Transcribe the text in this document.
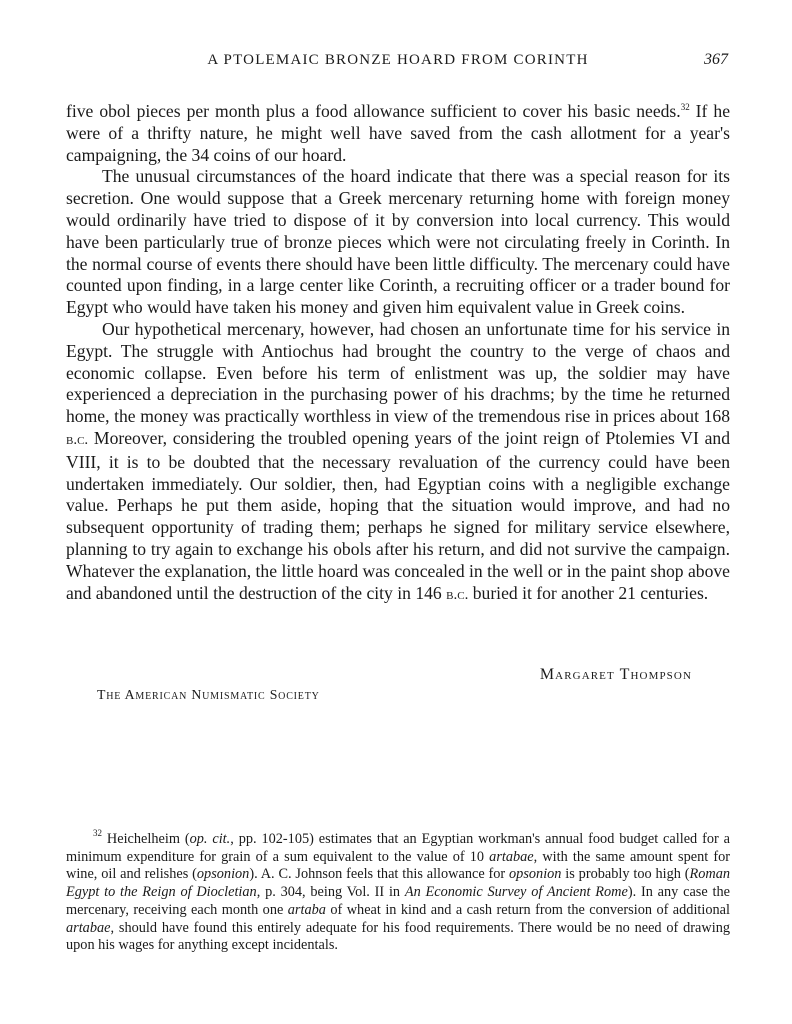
A PTOLEMAIC BRONZE HOARD FROM CORINTH	367

five obol pieces per month plus a food allowance sufficient to cover his basic needs.$^{32}$ If he were of a thrifty nature, he might well have saved from the cash allotment for a year's campaigning, the 34 coins of our hoard.

The unusual circumstances of the hoard indicate that there was a special reason for its secretion. One would suppose that a Greek mercenary returning home with foreign money would ordinarily have tried to dispose of it by conversion into local currency. This would have been particularly true of bronze pieces which were not circulating freely in Corinth. In the normal course of events there should have been little difficulty. The mercenary could have counted upon finding, in a large center like Corinth, a recruiting officer or a trader bound for Egypt who would have taken his money and given him equivalent value in Greek coins.

Our hypothetical mercenary, however, had chosen an unfortunate time for his service in Egypt. The struggle with Antiochus had brought the country to the verge of chaos and economic collapse. Even before his term of enlistment was up, the soldier may have experienced a depreciation in the purchasing power of his drachms; by the time he returned home, the money was practically worthless in view of the tremendous rise in prices about 168 b.c. Moreover, considering the troubled opening years of the joint reign of Ptolemies VI and VIII, it is to be doubted that the necessary revaluation of the currency could have been undertaken immediately. Our soldier, then, had Egyptian coins with a negligible exchange value. Perhaps he put them aside, hoping that the situation would improve, and had no subsequent opportunity of trading them; perhaps he signed for military service elsewhere, planning to try again to exchange his obols after his return, and did not survive the campaign. Whatever the explanation, the little hoard was concealed in the well or in the paint shop above and abandoned until the destruction of the city in 146 b.c. buried it for another 21 centuries.

Margaret Thompson
The American Numismatic Society
$^{32}$ Heichelheim (op. cit., pp. 102-105) estimates that an Egyptian workman's annual food budget called for a minimum expenditure for grain of a sum equivalent to the value of 10 artabae, with the same amount spent for wine, oil and relishes (opsonion). A. C. Johnson feels that this allowance for opsonion is probably too high (Roman Egypt to the Reign of Diocletian, p. 304, being Vol. II in An Economic Survey of Ancient Rome). In any case the mercenary, receiving each month one artaba of wheat in kind and a cash return from the conversion of additional artabae, should have found this entirely adequate for his food requirements. There would be no need of drawing upon his wages for anything except incidentals.
